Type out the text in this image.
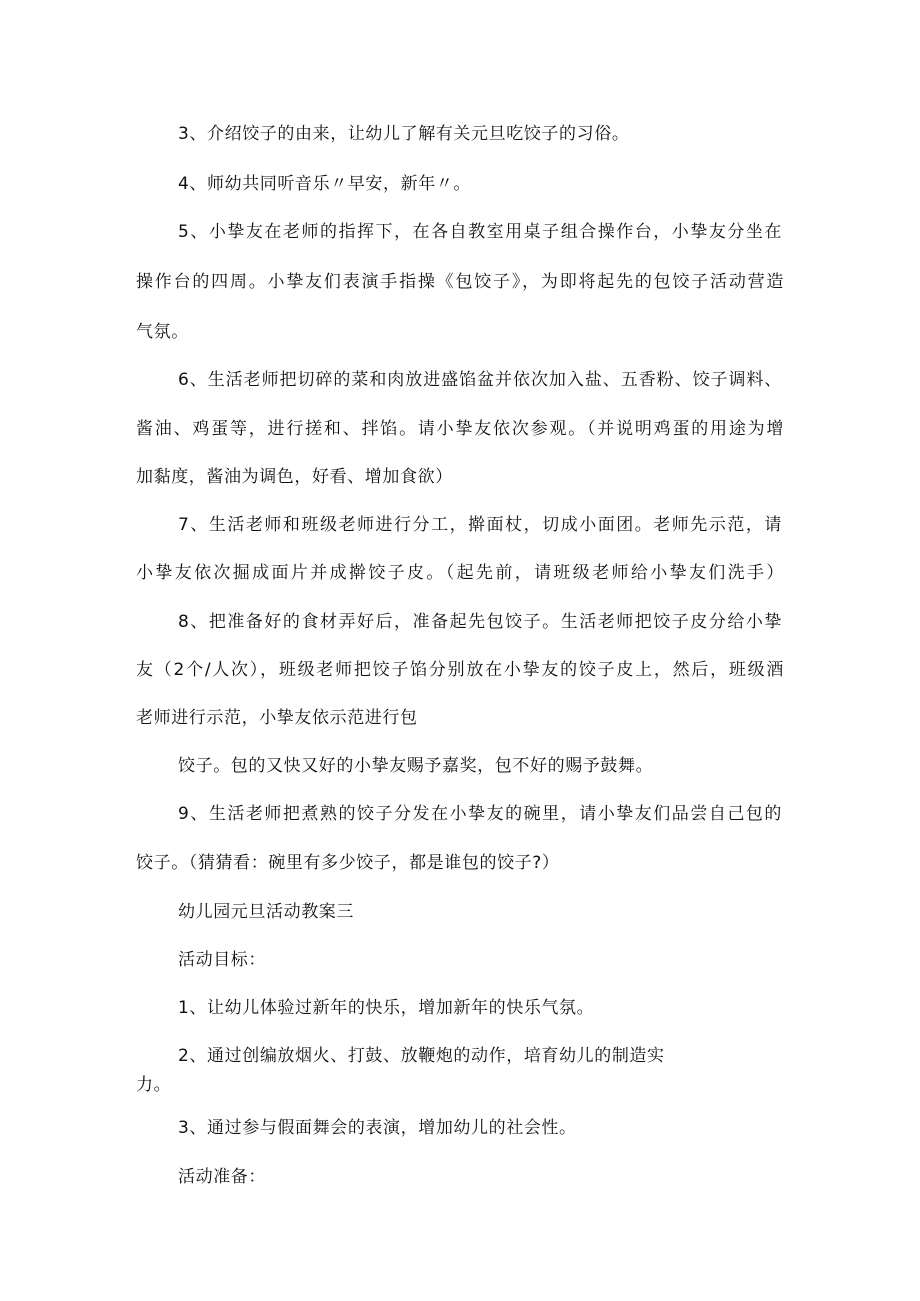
3、介绍饺子的由来，让幼儿了解有关元旦吃饺子的习俗。
4、师幼共同听音乐〃早安，新年〃。
5、小挚友在老师的指挥下，在各自教室用桌子组合操作台，小挚友分坐在
操作台的四周。小挚友们表演手指操《包饺子》，为即将起先的包饺子活动营造
气氛。
6、生活老师把切碎的菜和肉放进盛馅盆并依次加入盐、五香粉、饺子调料、
酱油、鸡蛋等，进行搓和、拌馅。请小挚友依次参观。（并说明鸡蛋的用途为增
加黏度，酱油为调色，好看、增加食欲）
7、生活老师和班级老师进行分工，擀面杖，切成小面团。老师先示范，请
小挚友依次掘成面片并成擀饺子皮。（起先前，请班级老师给小挚友们洗手）
8、把准备好的食材弄好后，准备起先包饺子。生活老师把饺子皮分给小挚
友（2个/人次），班级老师把饺子馅分别放在小挚友的饺子皮上，然后，班级酒
老师进行示范，小挚友依示范进行包
饺子。包的又快又好的小挚友赐予嘉奖，包不好的赐予鼓舞。
9、生活老师把煮熟的饺子分发在小挚友的碗里，请小挚友们品尝自己包的
饺子。（猜猜看：碗里有多少饺子，都是谁包的饺子?）
幼儿园元旦活动教案三
活动目标：
1、让幼儿体验过新年的快乐，增加新年的快乐气氛。
2、通过创编放烟火、打鼓、放鞭炮的动作，培育幼儿的制造实
力。
3、通过参与假面舞会的表演，增加幼儿的社会性。
活动准备：
